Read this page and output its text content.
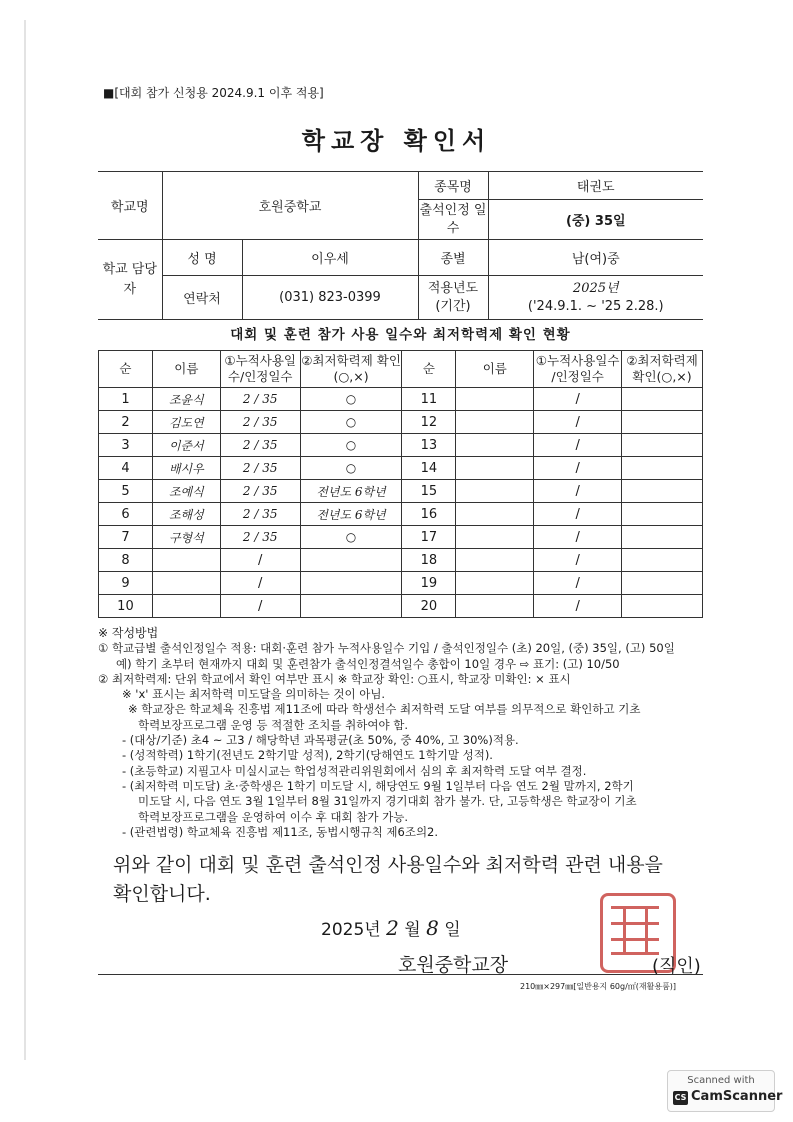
■[대회 참가 신청용 2024.9.1 이후 적용]
학교장 확인서
학교명	호원중학교		종목명	태권도
			출석인정 일수	(중) 35일
학교 담당자	성 명	이우세	종별	남(여)중
	연락처	(031) 823-0399	적용년도 (기간)	2025년
('24.9.1. ~ '25 2.28.)
대회 및 훈련 참가 사용 일수와 최저학력제 확인 현황
순	이름	①누적사용일수/인정일수	②최저학력제 확인(○,×)	순	이름	①누적사용일수 /인정일수	②최저학력제 확인(○,×)
1	조윤식	2 / 35	○	11		/	
2	김도연	2 / 35	○	12		/	
3	이준서	2 / 35	○	13		/	
4	배시우	2 / 35	○	14		/	
5	조예식	2 / 35	전년도 6학년	15		/	
6	조해성	2 / 35	전년도 6학년	16		/	
7	구형석	2 / 35	○	17		/	
8		/		18		/	
9		/		19		/	
10		/		20		/	

※ 작성방법

① 학교급별 출석인정일수 적용: 대회·훈련 참가 누적사용일수 기입 / 출석인정일수 (초) 20일, (중) 35일, (고) 50일

예) 학기 초부터 현재까지 대회 및 훈련참가 출석인정결석일수 총합이 10일 경우 ⇨ 표기: (고) 10/50

② 최저학력제: 단위 학교에서 확인 여부만 표시 ※ 학교장 확인: ○표시, 학교장 미확인: × 표시

※ 'x' 표시는 최저학력 미도달을 의미하는 것이 아님.

※ 학교장은 학교체육 진흥법 제11조에 따라 학생선수 최저학력 도달 여부를 의무적으로 확인하고 기초

학력보장프로그램 운영 등 적절한 조치를 취하여야 함.

- (대상/기준) 초4 ~ 고3 / 해당학년 과목평균(초 50%, 중 40%, 고 30%)적용.

- (성적학력) 1학기(전년도 2학기말 성적), 2학기(당해연도 1학기말 성적).

- (초등학교) 지필고사 미실시교는 학업성적관리위원회에서 심의 후 최저학력 도달 여부 결정.

- (최저학력 미도달) 초·중학생은 1학기 미도달 시, 해당연도 9월 1일부터 다음 연도 2월 말까지, 2학기

미도달 시, 다음 연도 3월 1일부터 8월 31일까지 경기대회 참가 불가. 단, 고등학생은 학교장이 기초

학력보장프로그램을 운영하여 이수 후 대회 참가 가능.

- (관련법령) 학교체육 진흥법 제11조, 동법시행규칙 제6조의2.

위와 같이 대회 및 훈련 출석인정 사용일수와 최저학력 관련 내용을

확인합니다.

2025년 2 월 8 일
호원중학교장	(직인)
210㎜×297㎜[일반용지 60g/㎡(재활용품)]
Scanned with
CS CamScanner
